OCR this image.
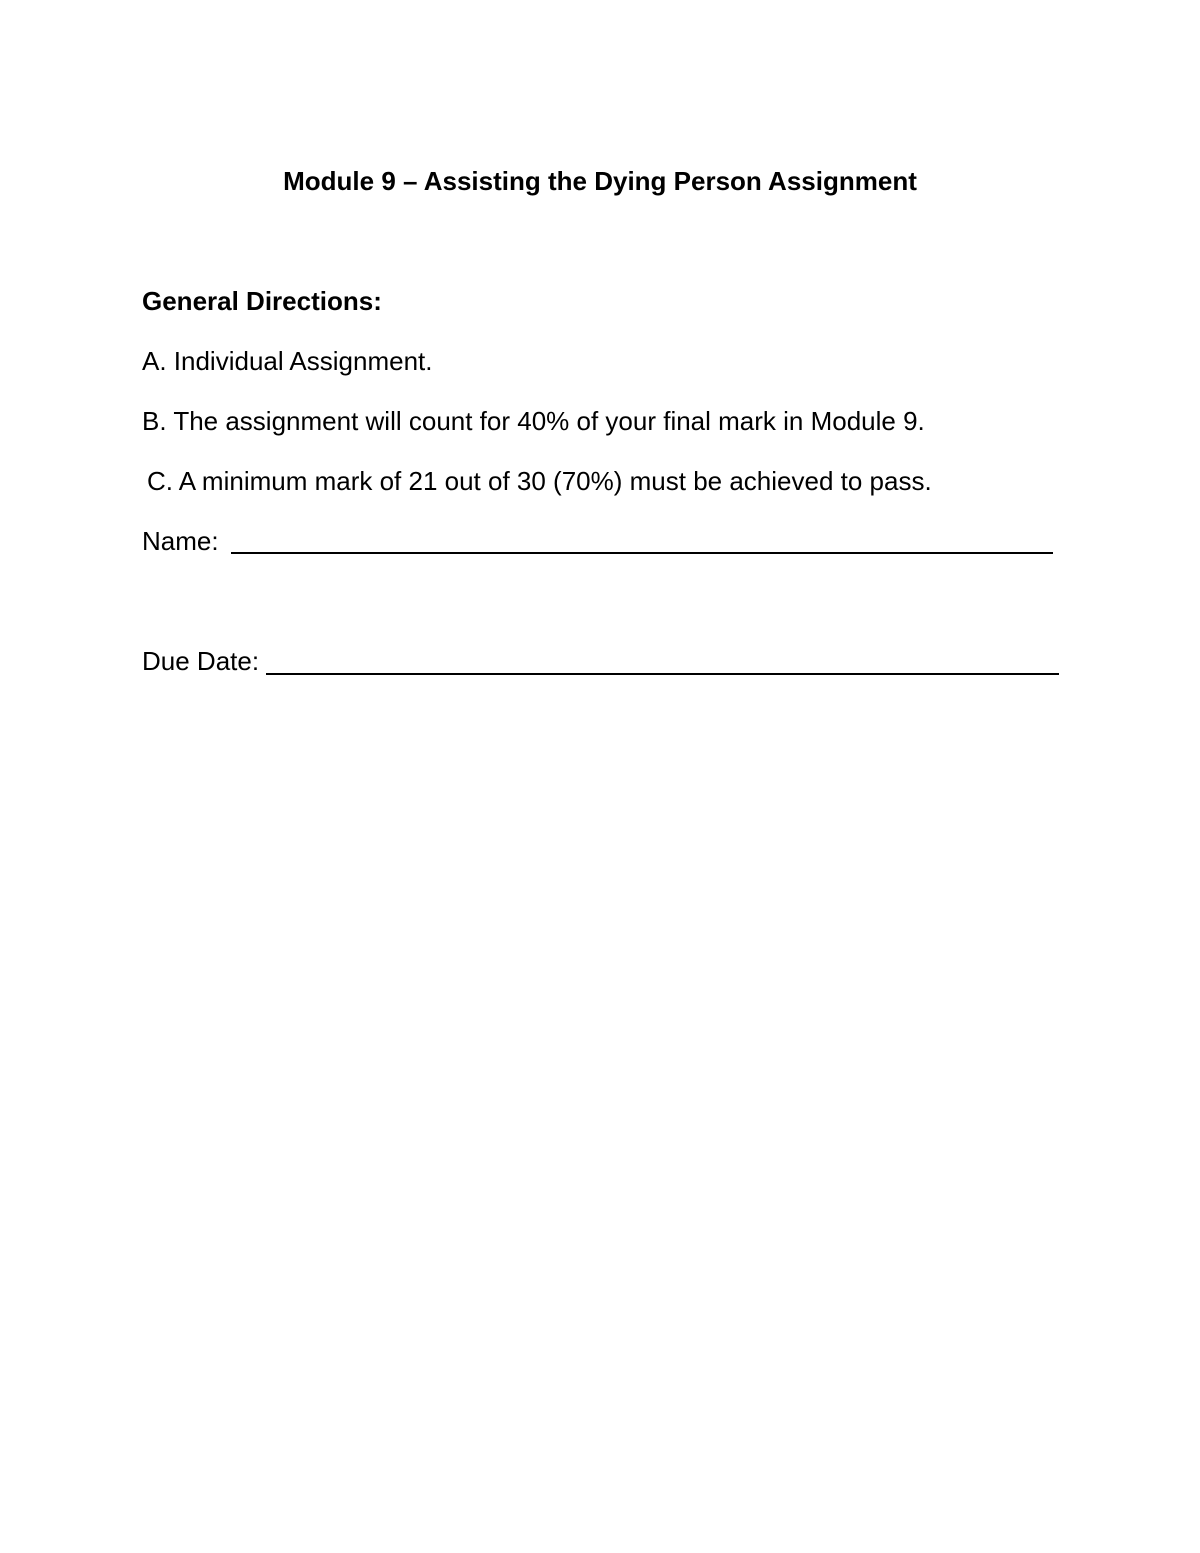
Module 9 – Assisting the Dying Person Assignment
General Directions:
A. Individual Assignment.
B. The assignment will count for 40% of your final mark in Module 9.
C. A minimum mark of 21 out of 30 (70%) must be achieved to pass.
Name:
Due Date:
